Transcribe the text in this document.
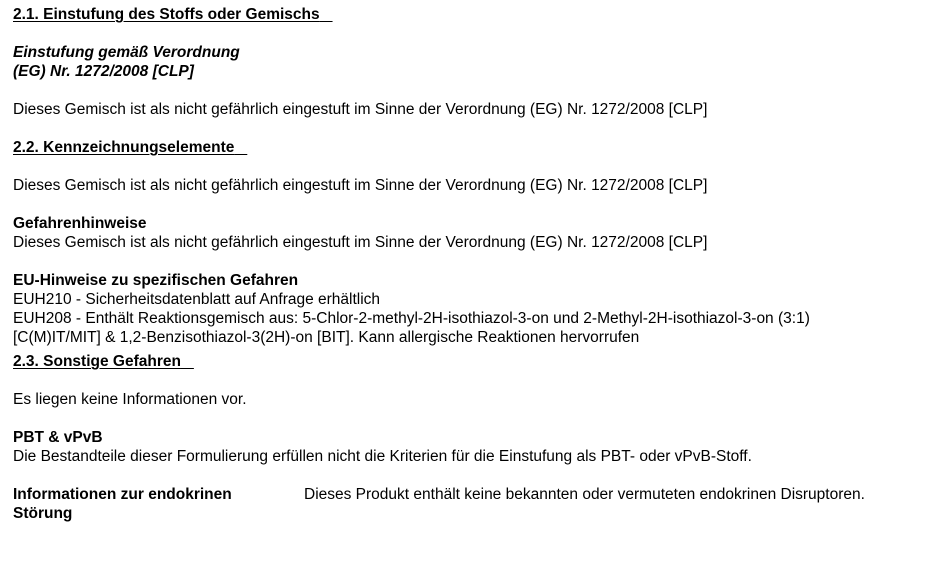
2.1. Einstufung des Stoffs oder Gemischs

Einstufung gemäß Verordnung
(EG) Nr. 1272/2008 [CLP]

Dieses Gemisch ist als nicht gefährlich eingestuft im Sinne der Verordnung (EG) Nr. 1272/2008 [CLP]

2.2. Kennzeichnungselemente

Dieses Gemisch ist als nicht gefährlich eingestuft im Sinne der Verordnung (EG) Nr. 1272/2008 [CLP]

Gefahrenhinweise

Dieses Gemisch ist als nicht gefährlich eingestuft im Sinne der Verordnung (EG) Nr. 1272/2008 [CLP]

EU-Hinweise zu spezifischen Gefahren

EUH210 - Sicherheitsdatenblatt auf Anfrage erhältlich

EUH208 - Enthält Reaktionsgemisch aus: 5-Chlor-2-methyl-2H-isothiazol-3-on und 2-Methyl-2H-isothiazol-3-on (3:1)

[C(M)IT/MIT] & 1,2-Benzisothiazol-3(2H)-on [BIT]. Kann allergische Reaktionen hervorrufen

2.3. Sonstige Gefahren

Es liegen keine Informationen vor.

PBT & vPvB

Die Bestandteile dieser Formulierung erfüllen nicht die Kriterien für die Einstufung als PBT- oder vPvB-Stoff.

Informationen zur endokrinen
Störung
Dieses Produkt enthält keine bekannten oder vermuteten endokrinen Disruptoren.
